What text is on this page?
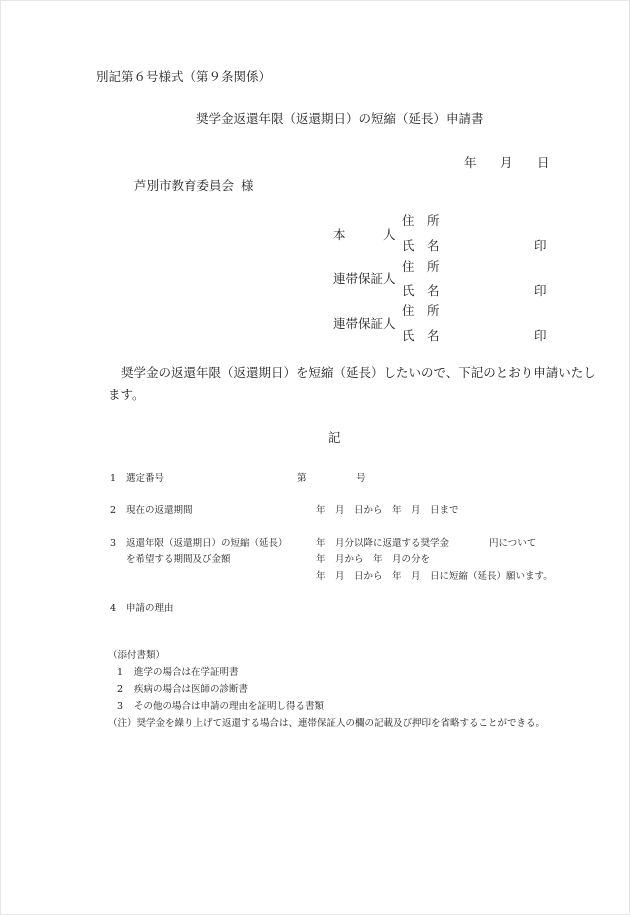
別記第６号様式（第９条関係）
奨学金返還年限（返還期日）の短縮（延長）申請書
年 月 日
芦別市教育委員会 様
住　所
本　　　人
氏　名	印
住　所
連帯保証人
氏　名	印
住　所
連帯保証人
氏　名	印
奨学金の返還年限（返還期日）を短縮（延長）したいので、下記のとおり申請いたし
ます。
記
1 選定番号	第	号
2 現在の返還期間	年　月　日から　年　月　日まで
3 返還年限（返還期日）の短縮（延長）
を希望する期間及び金額
年　月分以降に返還する奨学金	円について
年　月から　年　月の分を
年　月　日から　年　月　日に短縮（延長）願います。
4 申請の理由
（添付書類）
1 進学の場合は在学証明書
2 疾病の場合は医師の診断書
3 その他の場合は申請の理由を証明し得る書類
（注）奨学金を繰り上げて返還する場合は、連帯保証人の欄の記載及び押印を省略することができる。
